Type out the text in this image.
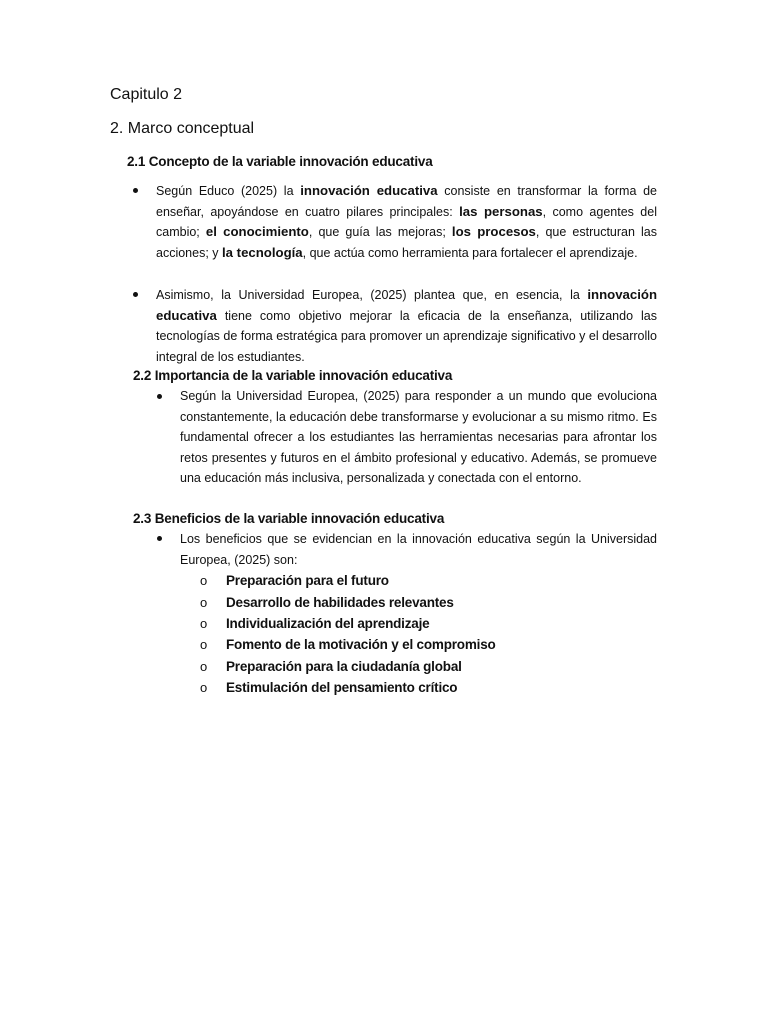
Capitulo 2
2. Marco conceptual
2.1 Concepto de la variable innovación educativa
Según Educo (2025) la innovación educativa consiste en transformar la forma de enseñar, apoyándose en cuatro pilares principales: las personas, como agentes del cambio; el conocimiento, que guía las mejoras; los procesos, que estructuran las acciones; y la tecnología, que actúa como herramienta para fortalecer el aprendizaje.
Asimismo, la Universidad Europea, (2025) plantea que, en esencia, la innovación educativa tiene como objetivo mejorar la eficacia de la enseñanza, utilizando las tecnologías de forma estratégica para promover un aprendizaje significativo y el desarrollo integral de los estudiantes.
2.2 Importancia de la variable innovación educativa
Según la Universidad Europea, (2025) para responder a un mundo que evoluciona constantemente, la educación debe transformarse y evolucionar a su mismo ritmo. Es fundamental ofrecer a los estudiantes las herramientas necesarias para afrontar los retos presentes y futuros en el ámbito profesional y educativo. Además, se promueve una educación más inclusiva, personalizada y conectada con el entorno.
2.3 Beneficios de la variable innovación educativa
Los beneficios que se evidencian en la innovación educativa según la Universidad Europea, (2025) son:
o	Preparación para el futuro
o	Desarrollo de habilidades relevantes
o	Individualización del aprendizaje
o	Fomento de la motivación y el compromiso
o	Preparación para la ciudadanía global
o	Estimulación del pensamiento crítico
